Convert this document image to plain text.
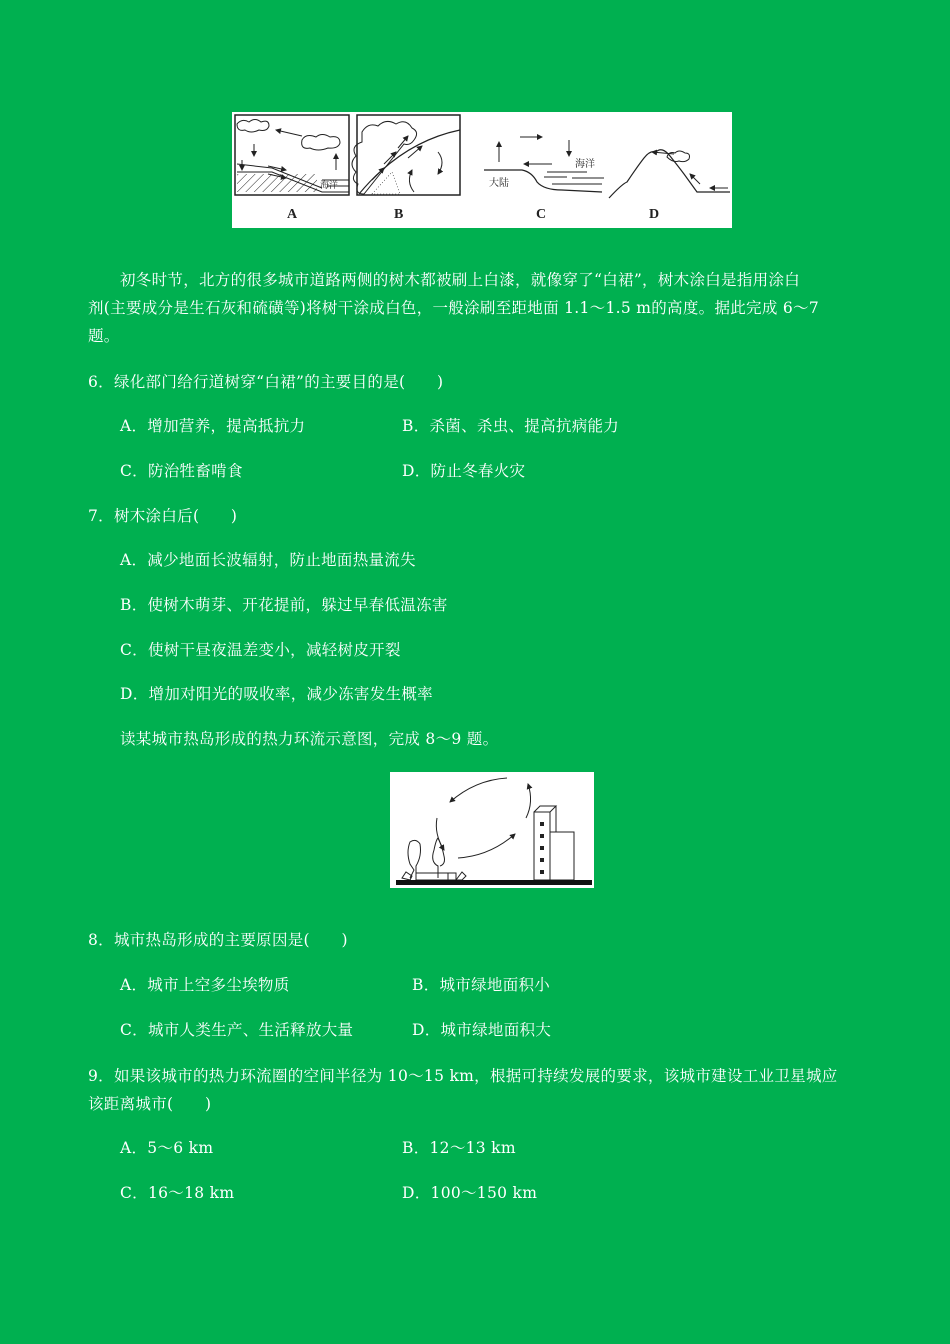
海洋
A	B
海洋
大陆
C	D
初冬时节，北方的很多城市道路两侧的树木都被刷上白漆，就像穿了“白裙”，树木涂白是指用涂白
剂(主要成分是生石灰和硫磺等)将树干涂成白色，一般涂刷至距地面 1.1～1.5 m的高度。据此完成 6～7
题。
6．绿化部门给行道树穿“白裙”的主要目的是(　　)
A．增加营养，提高抵抗力	B．杀菌、杀虫、提高抗病能力
C．防治牲畜啃食	D．防止冬春火灾
7．树木涂白后(　　)
A．减少地面长波辐射，防止地面热量流失
B．使树木萌芽、开花提前，躲过早春低温冻害
C．使树干昼夜温差变小，减轻树皮开裂
D．增加对阳光的吸收率，减少冻害发生概率
读某城市热岛形成的热力环流示意图，完成 8～9 题。
8．城市热岛形成的主要原因是(　　)
A．城市上空多尘埃物质	B．城市绿地面积小
C．城市人类生产、生活释放大量	D．城市绿地面积大
9．如果该城市的热力环流圈的空间半径为 10～15 km，根据可持续发展的要求，该城市建设工业卫星城应
该距离城市(　　)
A．5～6 km	B．12～13 km
C．16～18 km	D．100～150 km
